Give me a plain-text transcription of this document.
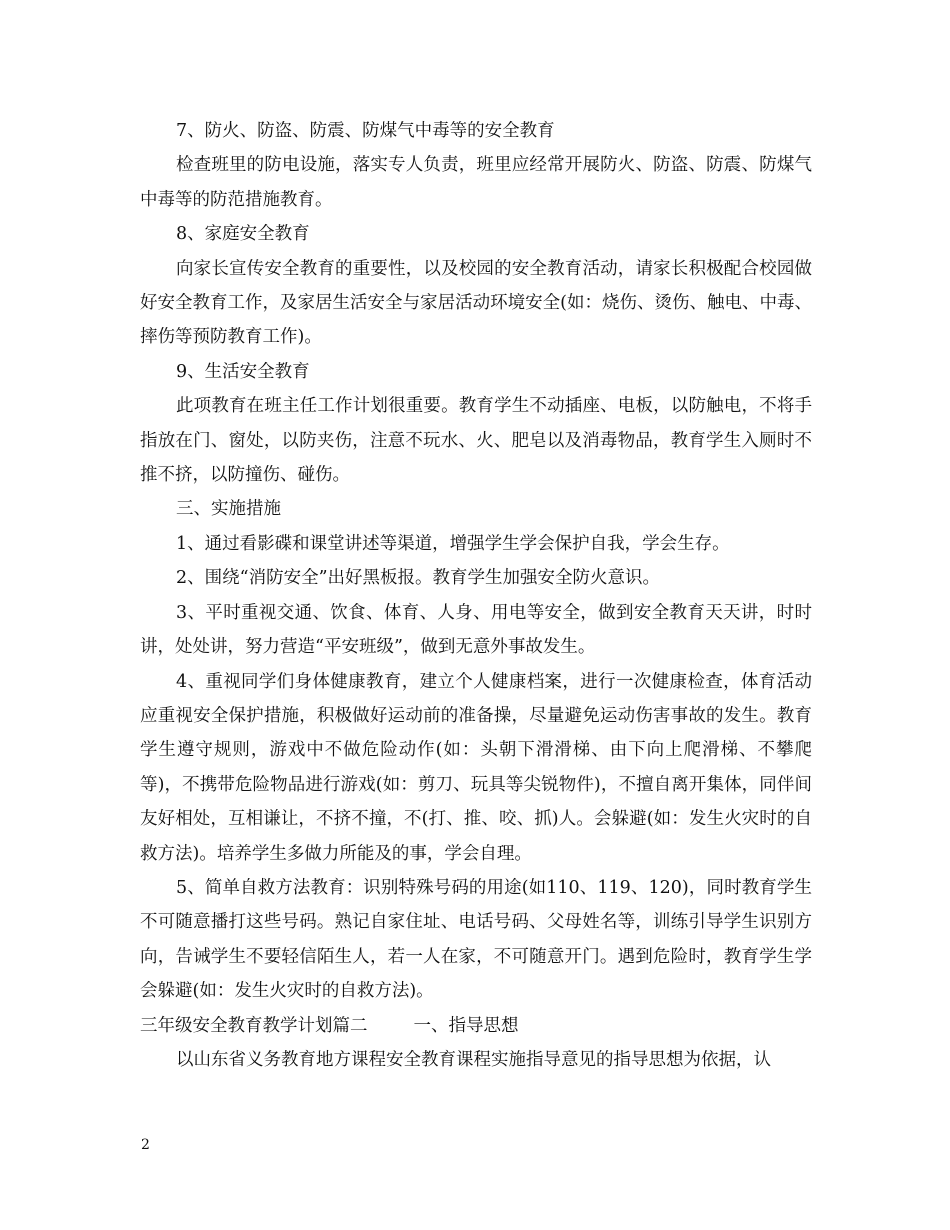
7、防火、防盗、防震、防煤气中毒等的安全教育

检查班里的防电设施，落实专人负责，班里应经常开展防火、防盗、防震、防煤气中毒等的防范措施教育。

8、家庭安全教育

向家长宣传安全教育的重要性，以及校园的安全教育活动，请家长积极配合校园做好安全教育工作，及家居生活安全与家居活动环境安全(如：烧伤、烫伤、触电、中毒、摔伤等预防教育工作)。

9、生活安全教育

此项教育在班主任工作计划很重要。教育学生不动插座、电板，以防触电，不将手指放在门、窗处，以防夹伤，注意不玩水、火、肥皂以及消毒物品，教育学生入厕时不推不挤，以防撞伤、碰伤。

三、实施措施

1、通过看影碟和课堂讲述等渠道，增强学生学会保护自我，学会生存。

2、围绕“消防安全”出好黑板报。教育学生加强安全防火意识。

3、平时重视交通、饮食、体育、人身、用电等安全，做到安全教育天天讲，时时讲，处处讲，努力营造“平安班级”，做到无意外事故发生。

4、重视同学们身体健康教育，建立个人健康档案，进行一次健康检查，体育活动应重视安全保护措施，积极做好运动前的准备操，尽量避免运动伤害事故的发生。教育学生遵守规则，游戏中不做危险动作(如：头朝下滑滑梯、由下向上爬滑梯、不攀爬等)，不携带危险物品进行游戏(如：剪刀、玩具等尖锐物件)，不擅自离开集体，同伴间友好相处，互相谦让，不挤不撞，不(打、推、咬、抓)人。会躲避(如：发生火灾时的自救方法)。培养学生多做力所能及的事，学会自理。

5、简单自救方法教育：识别特殊号码的用途(如110、119、120)，同时教育学生不可随意播打这些号码。熟记自家住址、电话号码、父母姓名等，训练引导学生识别方向，告诫学生不要轻信陌生人，若一人在家，不可随意开门。遇到危险时，教育学生学会躲避(如：发生火灾时的自救方法)。

三年级安全教育教学计划篇二	一、指导思想

以山东省义务教育地方课程安全教育课程实施指导意见的指导思想为依据，认

2
